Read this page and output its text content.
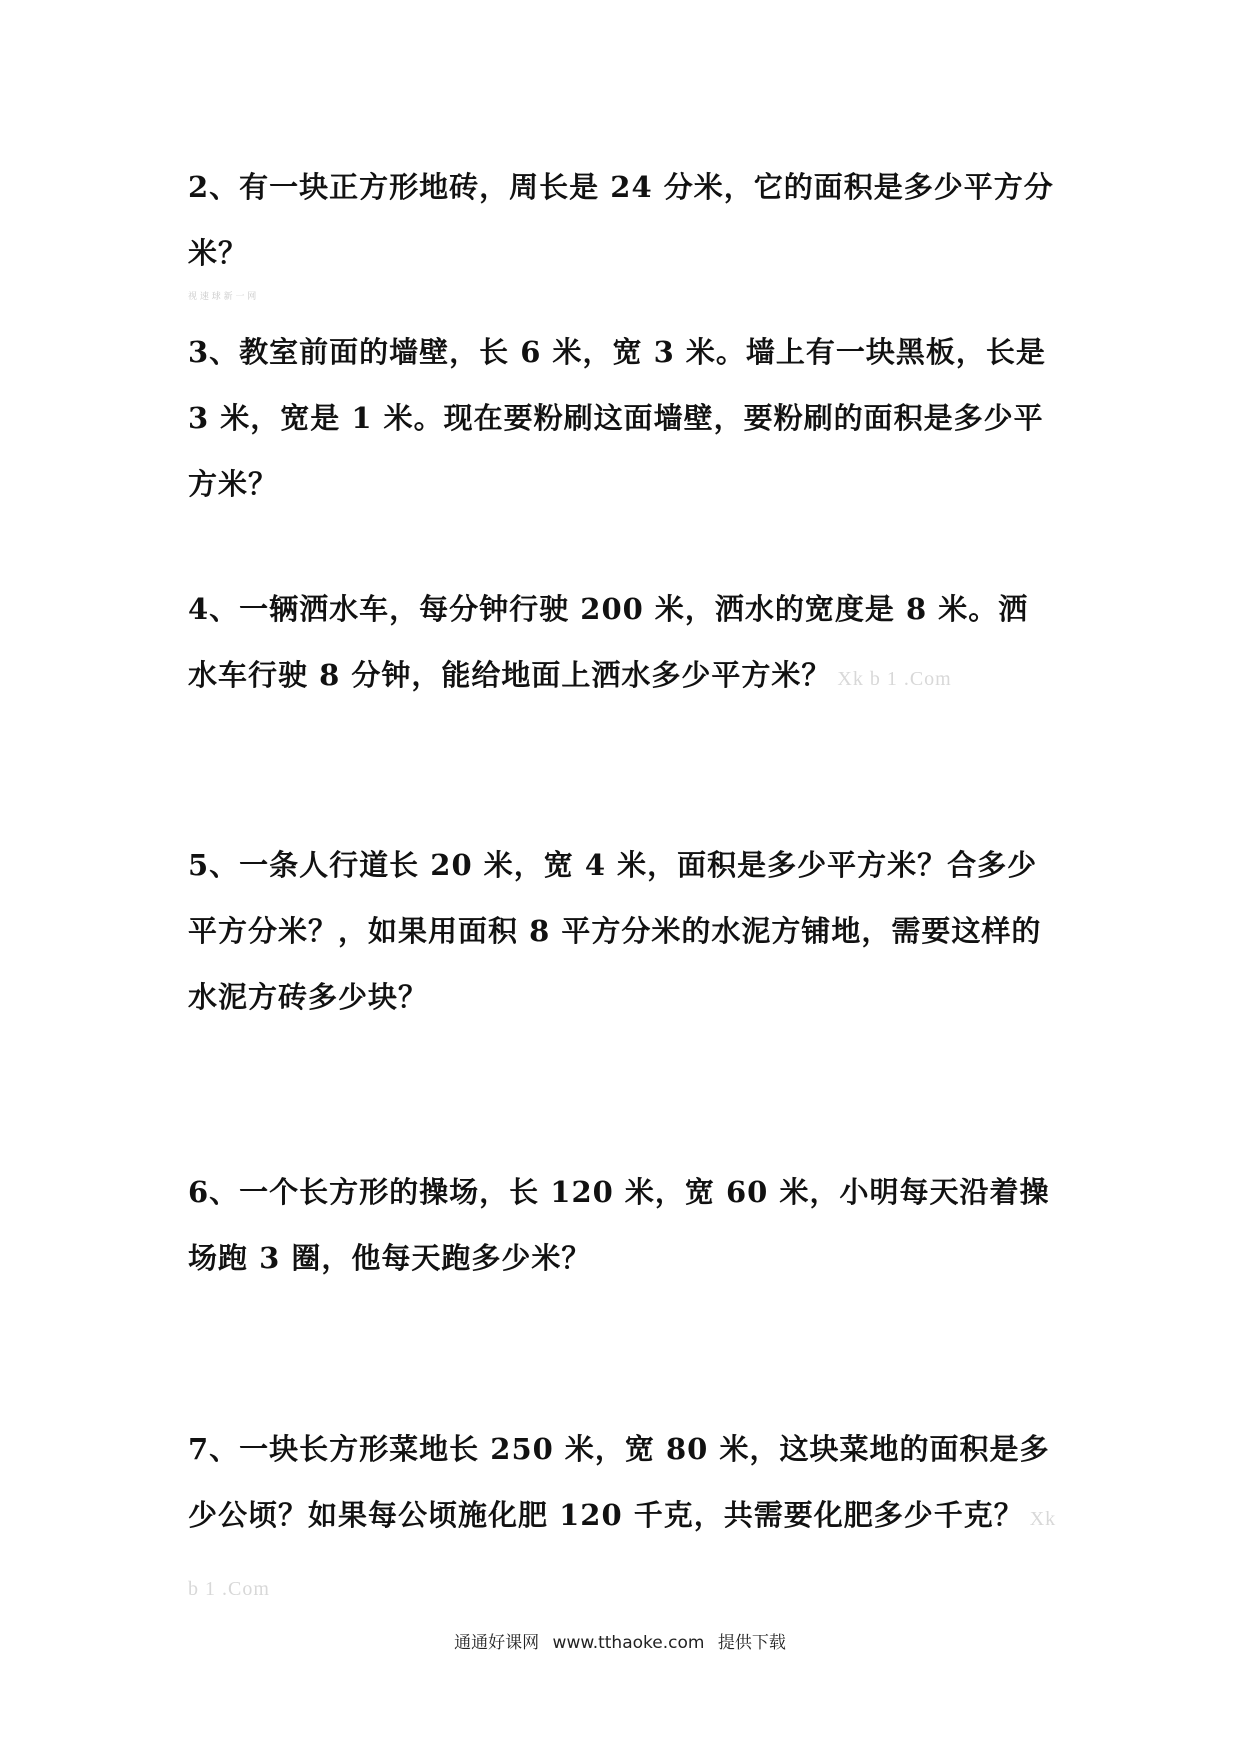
2、有一块正方形地砖，周长是 24 分米，它的面积是多少平方分米？
视 速 球 新 一 网
3、教室前面的墙壁，长 6 米，宽 3 米。墙上有一块黑板，长是 3 米，宽是 1 米。现在要粉刷这面墙壁，要粉刷的面积是多少平方米？
4、一辆洒水车，每分钟行驶 200 米，洒水的宽度是 8 米。洒水车行驶 8 分钟，能给地面上洒水多少平方米？ Xk b 1 .Com
5、一条人行道长 20 米，宽 4 米，面积是多少平方米？合多少平方分米？，如果用面积 8 平方分米的水泥方铺地，需要这样的水泥方砖多少块？
6、一个长方形的操场，长 120 米，宽 60 米，小明每天沿着操场跑 3 圈，他每天跑多少米？
7、一块长方形菜地长 250 米，宽 80 米，这块菜地的面积是多少公顷？如果每公顷施化肥 120 千克，共需要化肥多少千克？ Xk b 1 .Com
通通好课网 www.tthaoke.com 提供下载
